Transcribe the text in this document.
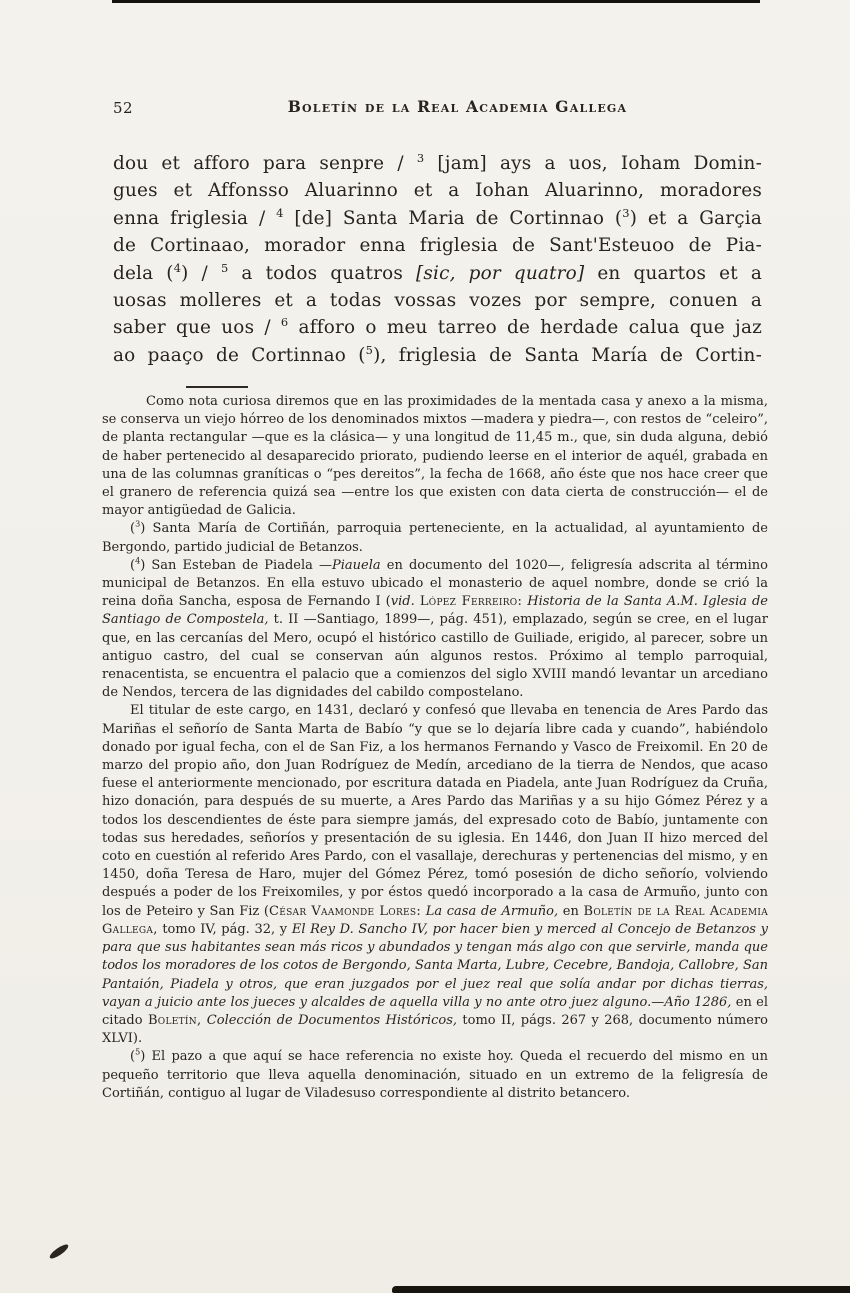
52	Boletín de la Real Academia Gallega
dou et afforo para senpre / $^3$ [jam] ays a uos, Ioham Domin-
gues et Affonsso Aluarinno et a Iohan Aluarinno, moradores
enna friglesia / $^4$ [de] Santa Maria de Cortinnao ($^3$) et a Garçia
de Cortinaao, morador enna friglesia de Sant'Esteuoo de Pia-
dela ($^4$) / $^5$ a todos quatros [sic, por quatro] en quartos et a
uosas molleres et a todas vossas vozes por sempre, conuen a
saber que uos / $^6$ afforo o meu tarreo de herdade calua que jaz
ao paaço de Cortinnao ($^5$), friglesia de Santa María de Cortin-

Como nota curiosa diremos que en las proximidades de la mentada casa y anexo a la misma, se conserva un viejo hórreo de los denominados mixtos —madera y piedra—, con restos de “celeiro”, de planta rectangular —que es la clásica— y una longitud de 11,45 m., que, sin duda alguna, debió de haber pertenecido al desaparecido priorato, pudiendo leerse en el interior de aquél, grabada en una de las columnas graníticas o “pes dereitos”, la fecha de 1668, año éste que nos hace creer que el granero de referencia quizá sea —entre los que existen con data cierta de construcción— el de mayor antigüedad de Galicia.

($^3$) Santa María de Cortiñán, parroquia perteneciente, en la actualidad, al ayuntamiento de Bergondo, partido judicial de Betanzos.

($^4$) San Esteban de Piadela —Piauela en documento del 1020—, feligresía adscrita al término municipal de Betanzos. En ella estuvo ubicado el monasterio de aquel nombre, donde se crió la reina doña Sancha, esposa de Fernando I (vid. López Ferreiro: Historia de la Santa A.M. Iglesia de Santiago de Compostela, t. II —Santiago, 1899—, pág. 451), emplazado, según se cree, en el lugar que, en las cercanías del Mero, ocupó el histórico castillo de Guiliade, erigido, al parecer, sobre un antiguo castro, del cual se conservan aún algunos restos. Próximo al templo parroquial, renacentista, se encuentra el palacio que a comienzos del siglo XVIII mandó levantar un arcediano de Nendos, tercera de las dignidades del cabildo compostelano.

El titular de este cargo, en 1431, declaró y confesó que llevaba en tenencia de Ares Pardo das Mariñas el señorío de Santa Marta de Babío “y que se lo dejaría libre cada y cuando”, habiéndolo donado por igual fecha, con el de San Fiz, a los hermanos Fernando y Vasco de Freixomil. En 20 de marzo del propio año, don Juan Rodríguez de Medín, arcediano de la tierra de Nendos, que acaso fuese el anteriormente mencionado, por escritura datada en Piadela, ante Juan Rodríguez da Cruña, hizo donación, para después de su muerte, a Ares Pardo das Mariñas y a su hijo Gómez Pérez y a todos los descendientes de éste para siempre jamás, del expresado coto de Babío, juntamente con todas sus heredades, señoríos y presentación de su iglesia. En 1446, don Juan II hizo merced del coto en cuestión al referido Ares Pardo, con el vasallaje, derechuras y pertenencias del mismo, y en 1450, doña Teresa de Haro, mujer del Gómez Pérez, tomó posesión de dicho señorío, volviendo después a poder de los Freixomiles, y por éstos quedó incorporado a la casa de Armuño, junto con los de Peteiro y San Fiz (César Vaamonde Lores: La casa de Armuño, en Boletín de la Real Academia Gallega, tomo IV, pág. 32, y El Rey D. Sancho IV, por hacer bien y merced al Concejo de Betanzos y para que sus habitantes sean más ricos y abundados y tengan más algo con que servirle, manda que todos los moradores de los cotos de Bergondo, Santa Marta, Lubre, Cecebre, Bandoja, Callobre, San Pantaión, Piadela y otros, que eran juzgados por el juez real que solía andar por dichas tierras, vayan a juicio ante los jueces y alcaldes de aquella villa y no ante otro juez alguno.—Año 1286, en el citado Boletín, Colección de Documentos Históricos, tomo II, págs. 267 y 268, documento número XLVI).

($^5$) El pazo a que aquí se hace referencia no existe hoy. Queda el recuerdo del mismo en un pequeño territorio que lleva aquella denominación, situado en un extremo de la feligresía de Cortiñán, contiguo al lugar de Viladesuso correspondiente al distrito betancero.
